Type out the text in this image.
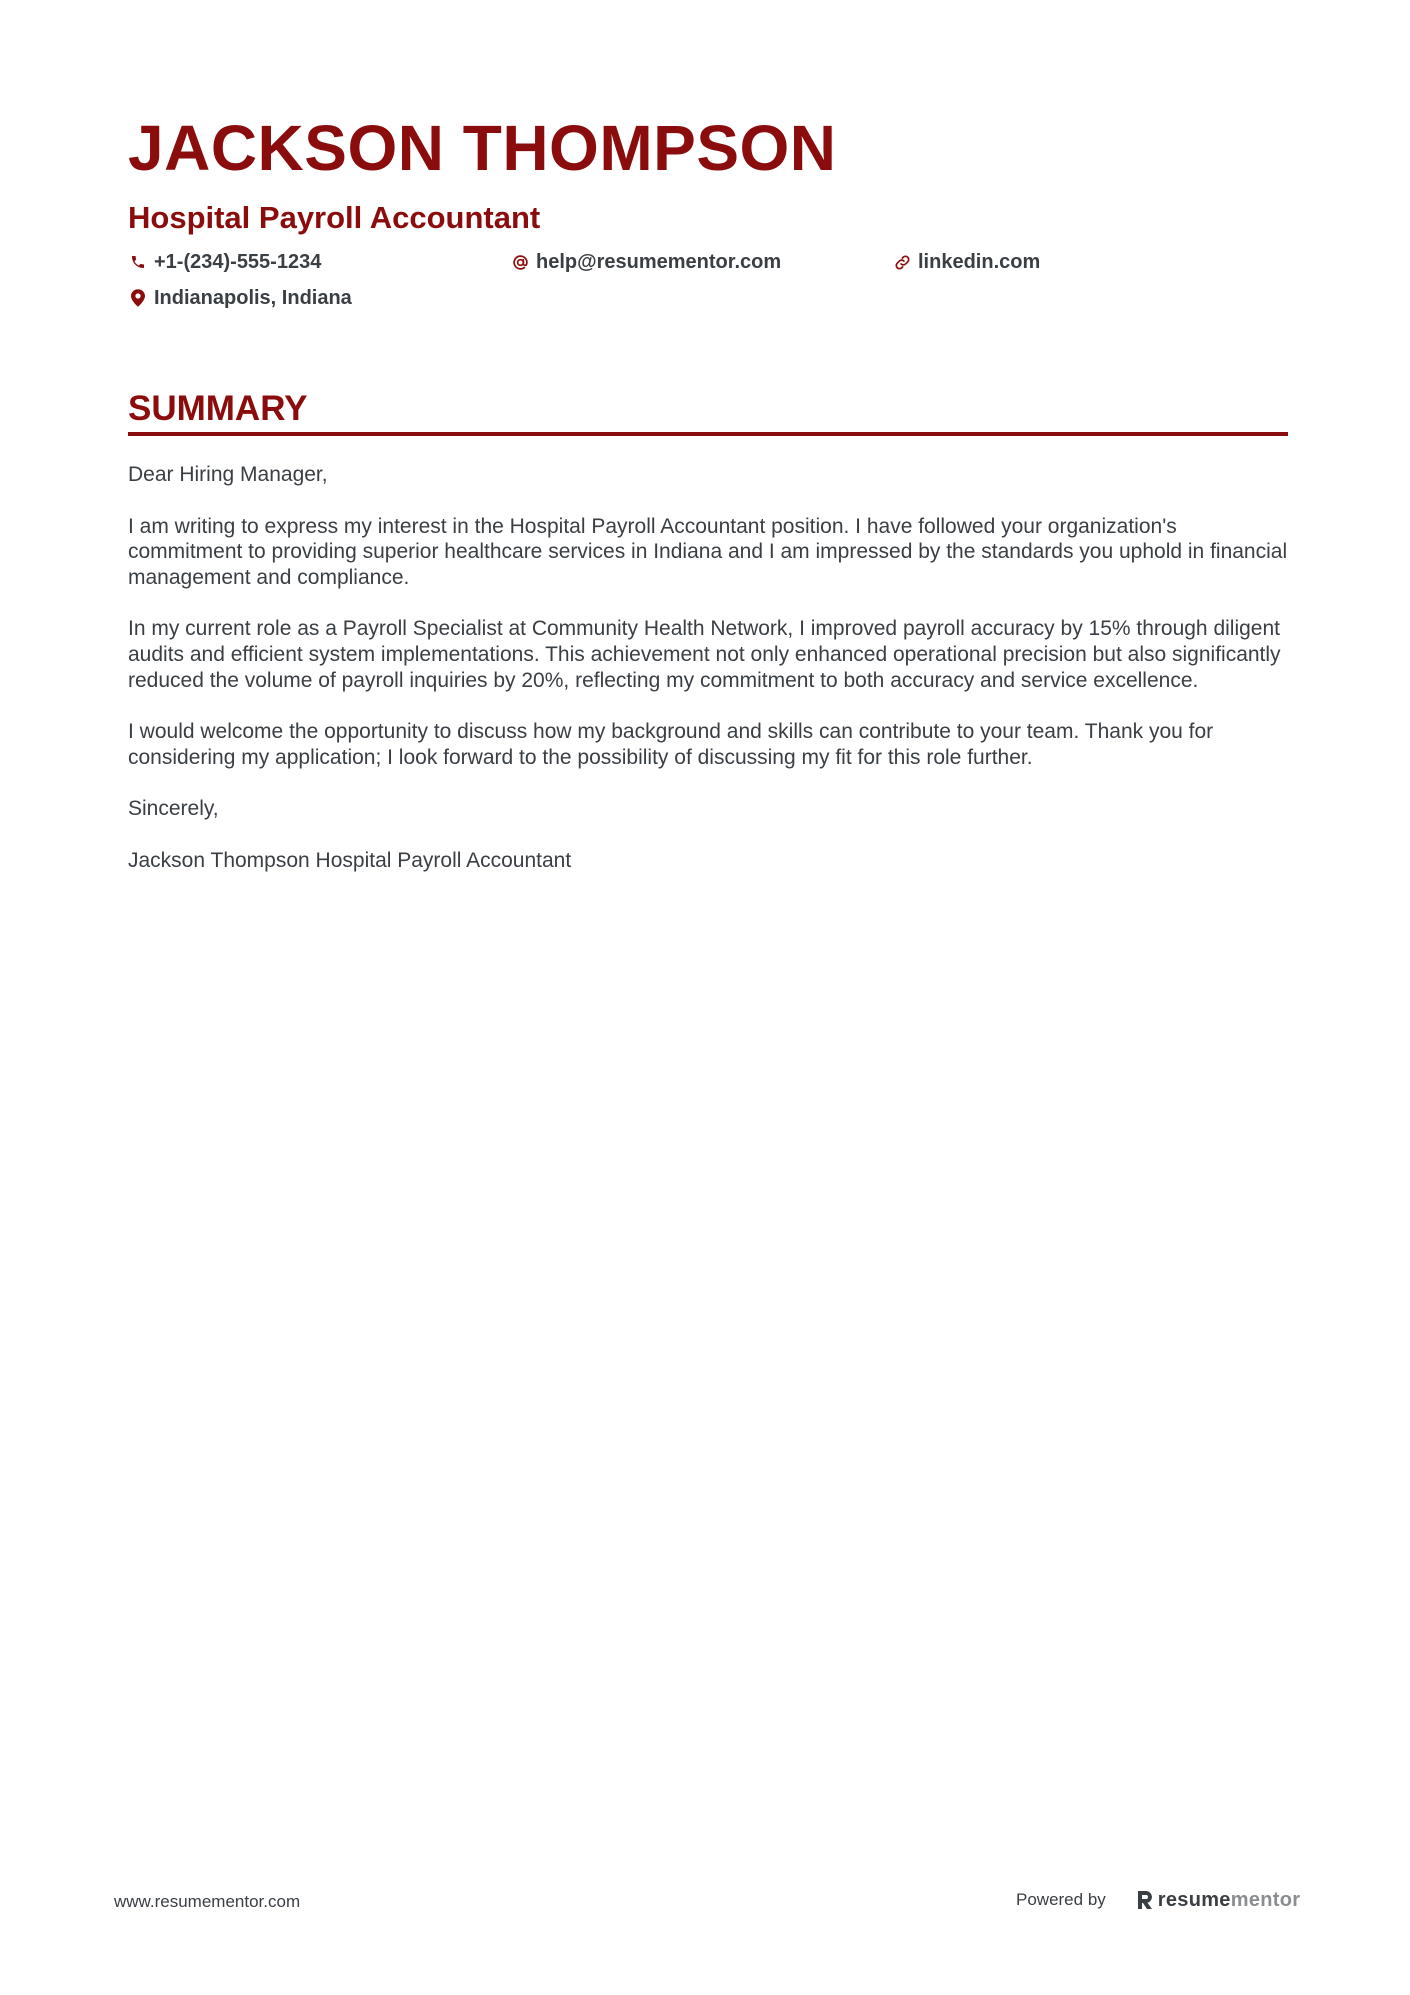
JACKSON THOMPSON
Hospital Payroll Accountant
+1-(234)-555-1234	help@resumementor.com	linkedin.com
Indianapolis, Indiana
SUMMARY

Dear Hiring Manager,

I am writing to express my interest in the Hospital Payroll Accountant position. I have followed your organization's commitment to providing superior healthcare services in Indiana and I am impressed by the standards you uphold in financial management and compliance.

In my current role as a Payroll Specialist at Community Health Network, I improved payroll accuracy by 15% through diligent audits and efficient system implementations. This achievement not only enhanced operational precision but also significantly reduced the volume of payroll inquiries by 20%, reflecting my commitment to both accuracy and service excellence.

I would welcome the opportunity to discuss how my background and skills can contribute to your team. Thank you for considering my application; I look forward to the possibility of discussing my fit for this role further.

Sincerely,

Jackson Thompson Hospital Payroll Accountant

www.resumementor.com	Powered by	resumementor
